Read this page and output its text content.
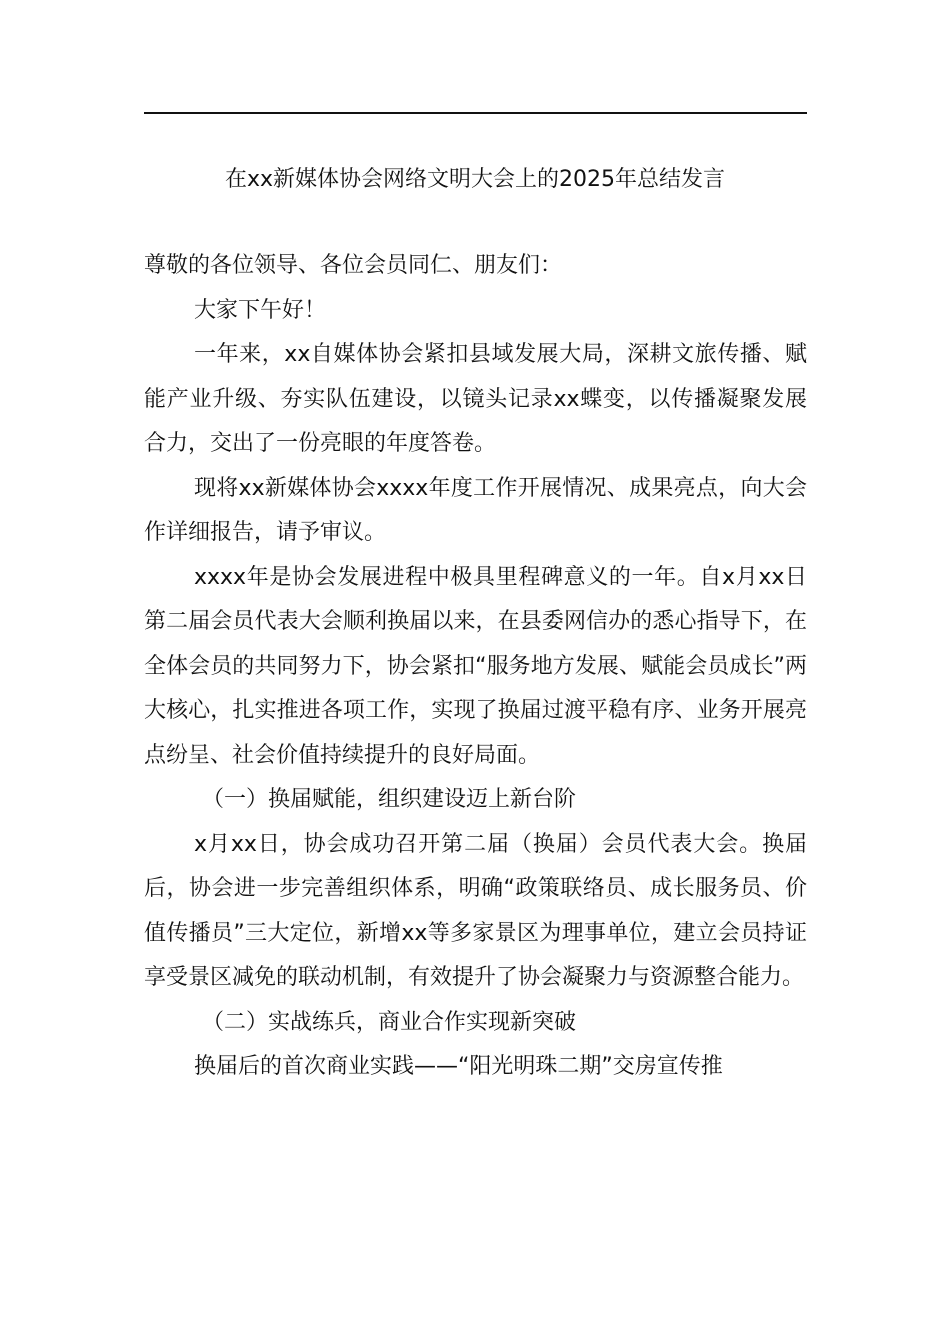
在xx新媒体协会网络文明大会上的2025年总结发言

尊敬的各位领导、各位会员同仁、朋友们：

大家下午好！

一年来，xx自媒体协会紧扣县域发展大局，深耕文旅传播、赋能产业升级、夯实队伍建设，以镜头记录xx蝶变，以传播凝聚发展合力，交出了一份亮眼的年度答卷。

现将xx新媒体协会xxxx年度工作开展情况、成果亮点，向大会作详细报告，请予审议。

xxxx年是协会发展进程中极具里程碑意义的一年。自x月xx日第二届会员代表大会顺利换届以来，在县委网信办的悉心指导下，在全体会员的共同努力下，协会紧扣“服务地方发展、赋能会员成长”两大核心，扎实推进各项工作，实现了换届过渡平稳有序、业务开展亮点纷呈、社会价值持续提升的良好局面。

（一）换届赋能，组织建设迈上新台阶

x月xx日，协会成功召开第二届（换届）会员代表大会。换届后，协会进一步完善组织体系，明确“政策联络员、成长服务员、价值传播员”三大定位，新增xx等多家景区为理事单位，建立会员持证享受景区减免的联动机制，有效提升了协会凝聚力与资源整合能力。

（二）实战练兵，商业合作实现新突破

换届后的首次商业实践——“阳光明珠二期”交房宣传推
